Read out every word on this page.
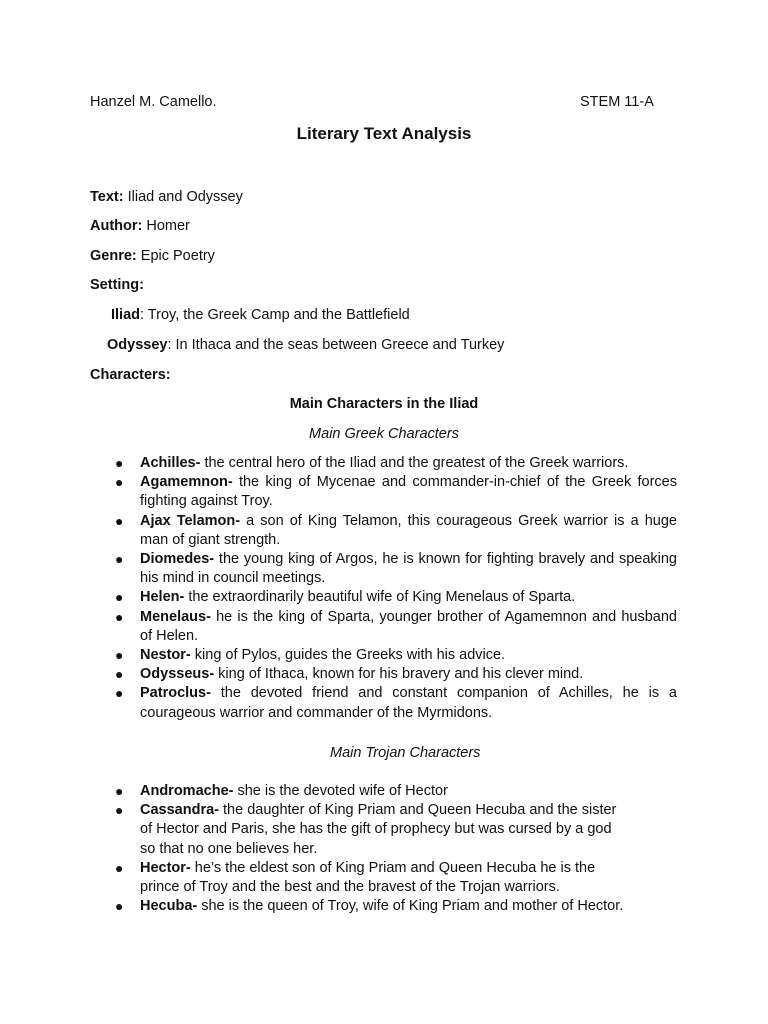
Hanzel M. Camello.	STEM 11-A
Literary Text Analysis
Text: Iliad and Odyssey
Author: Homer
Genre: Epic Poetry
Setting:
Iliad: Troy, the Greek Camp and the Battlefield
Odyssey: In Ithaca and the seas between Greece and Turkey
Characters:
Main Characters in the Iliad
Main Greek Characters
● Achilles- the central hero of the Iliad and the greatest of the Greek warriors.
● Agamemnon- the king of Mycenae and commander-in-chief of the Greek forces fighting against Troy.
● Ajax Telamon- a son of King Telamon, this courageous Greek warrior is a huge man of giant strength.
● Diomedes- the young king of Argos, he is known for fighting bravely and speaking his mind in council meetings.
● Helen- the extraordinarily beautiful wife of King Menelaus of Sparta.
● Menelaus- he is the king of Sparta, younger brother of Agamemnon and husband of Helen.
● Nestor- king of Pylos, guides the Greeks with his advice.
● Odysseus- king of Ithaca, known for his bravery and his clever mind.
● Patroclus- the devoted friend and constant companion of Achilles, he is a courageous warrior and commander of the Myrmidons.
Main Trojan Characters
● Andromache- she is the devoted wife of Hector
● Cassandra- the daughter of King Priam and Queen Hecuba and the sister of Hector and Paris, she has the gift of prophecy but was cursed by a god so that no one believes her.
● Hector- he’s the eldest son of King Priam and Queen Hecuba he is the prince of Troy and the best and the bravest of the Trojan warriors.
● Hecuba- she is the queen of Troy, wife of King Priam and mother of Hector.
